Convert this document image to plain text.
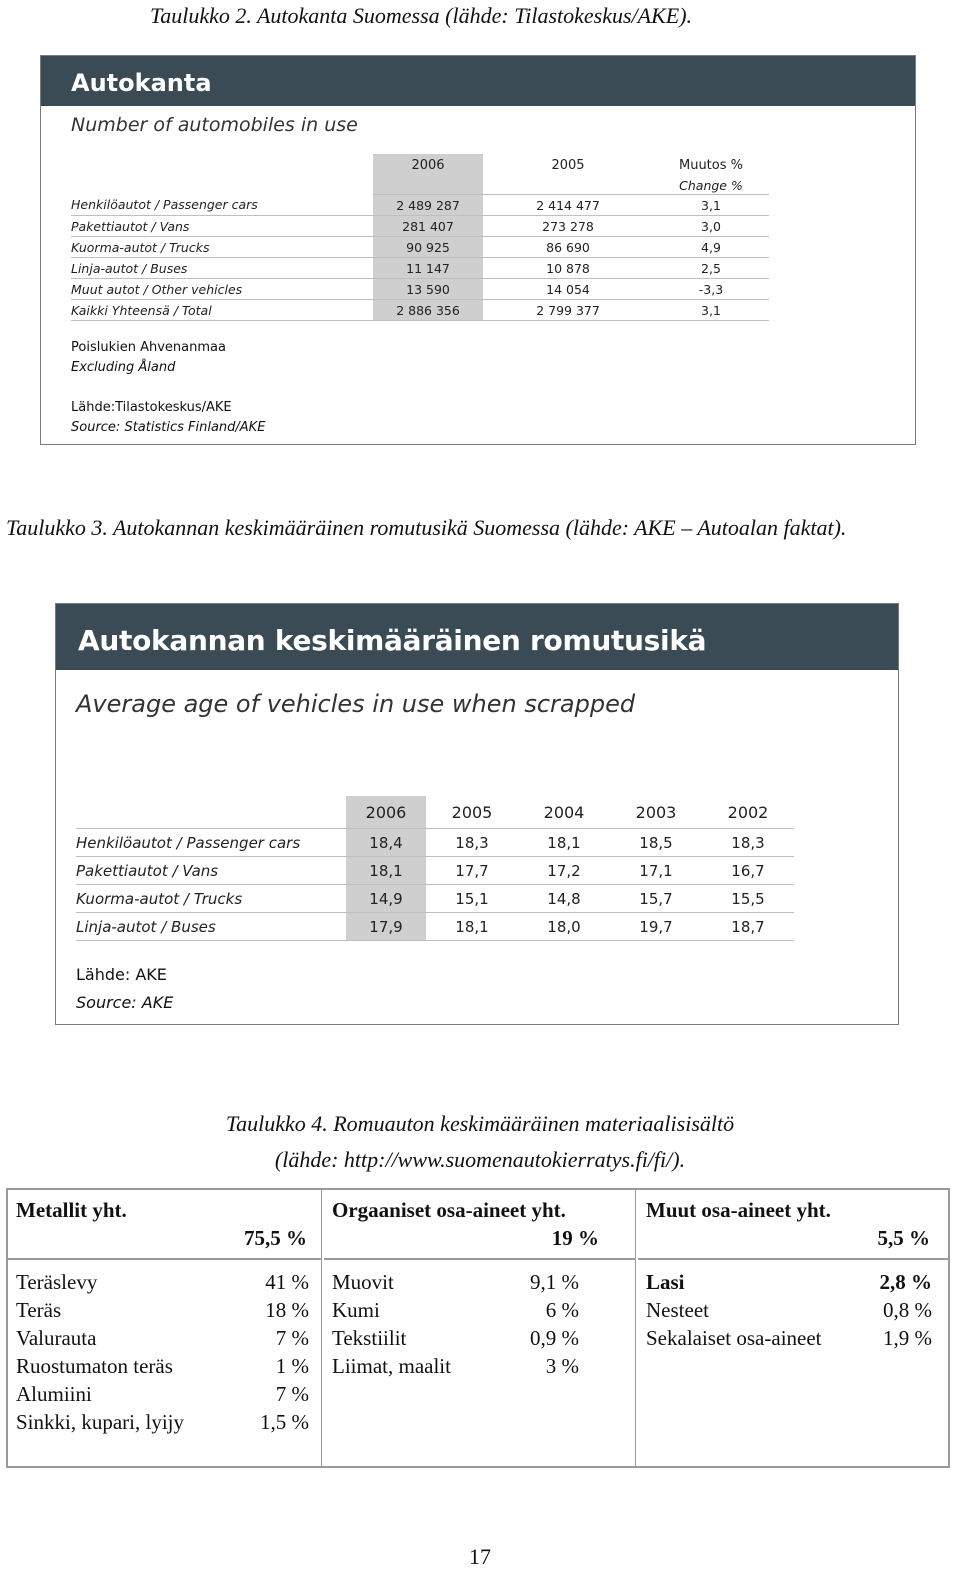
Taulukko 2. Autokanta Suomessa (lähde: Tilastokeskus/AKE).
Autokanta
Number of automobiles in use
	2006	2005	Muutos %
			Change %
Henkilöautot / Passenger cars	2 489 287	2 414 477	3,1
Pakettiautot / Vans	281 407	273 278	3,0
Kuorma-autot / Trucks	90 925	86 690	4,9
Linja-autot / Buses	11 147	10 878	2,5
Muut autot / Other vehicles	13 590	14 054	-3,3
Kaikki Yhteensä / Total	2 886 356	2 799 377	3,1
Poislukien Ahvenanmaa
Excluding Åland
Lähde:Tilastokeskus/AKE
Source: Statistics Finland/AKE
Taulukko 3. Autokannan keskimääräinen romutusikä Suomessa (lähde: AKE – Autoalan faktat).
Autokannan keskimääräinen romutusikä
Average age of vehicles in use when scrapped
	2006	2005	2004	2003	2002
Henkilöautot / Passenger cars	18,4	18,3	18,1	18,5	18,3
Pakettiautot / Vans	18,1	17,7	17,2	17,1	16,7
Kuorma-autot / Trucks	14,9	15,1	14,8	15,7	15,5
Linja-autot / Buses	17,9	18,1	18,0	19,7	18,7
Lähde: AKE
Source: AKE
Taulukko 4. Romuauton keskimääräinen materiaalisisältö
(lähde: http://www.suomenautokierratys.fi/fi/).
Metallit yht.
75,5 %
Teräslevy	41 %
Teräs	18 %
Valurauta	7 %
Ruostumaton teräs	1 %
Alumiini	7 %
Sinkki, kupari, lyijy	1,5 %
Orgaaniset osa-aineet yht.
19 %
Muovit	9,1 %
Kumi	6 %
Tekstiilit	0,9 %
Liimat, maalit	3 %
Muut osa-aineet yht.
5,5 %
Lasi	2,8 %
Nesteet	0,8 %
Sekalaiset osa-aineet	1,9 %
17
